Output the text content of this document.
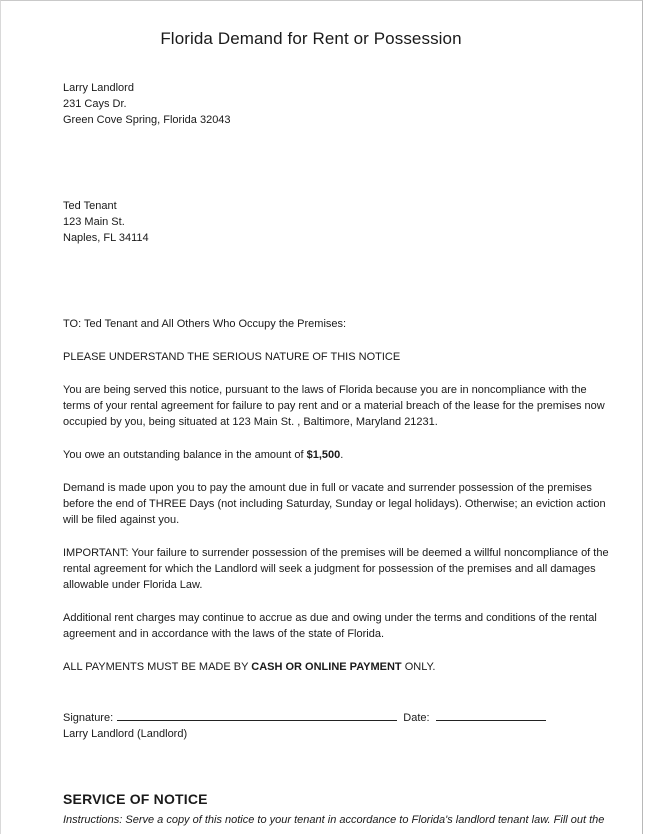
Florida Demand for Rent or Possession
Larry Landlord
231 Cays Dr.
Green Cove Spring, Florida 32043
Ted Tenant
123 Main St.
Naples, FL 34114
TO: Ted Tenant and All Others Who Occupy the Premises:
PLEASE UNDERSTAND THE SERIOUS NATURE OF THIS NOTICE
You are being served this notice, pursuant to the laws of Florida because you are in noncompliance with the
terms of your rental agreement for failure to pay rent and or a material breach of the lease for the premises now
occupied by you, being situated at 123 Main St. , Baltimore, Maryland 21231.
You owe an outstanding balance in the amount of $1,500.
Demand is made upon you to pay the amount due in full or vacate and surrender possession of the premises
before the end of THREE Days (not including Saturday, Sunday or legal holidays). Otherwise; an eviction action
will be filed against you.
IMPORTANT: Your failure to surrender possession of the premises will be deemed a willful noncompliance of the
rental agreement for which the Landlord will seek a judgment for possession of the premises and all damages
allowable under Florida Law.
Additional rent charges may continue to accrue as due and owing under the terms and conditions of the rental
agreement and in accordance with the laws of the state of Florida.
ALL PAYMENTS MUST BE MADE BY CASH OR ONLINE PAYMENT ONLY.
Signature:	Date:
Larry Landlord (Landlord)
SERVICE OF NOTICE
Instructions: Serve a copy of this notice to your tenant in accordance to Florida's landlord tenant law. Fill out the
